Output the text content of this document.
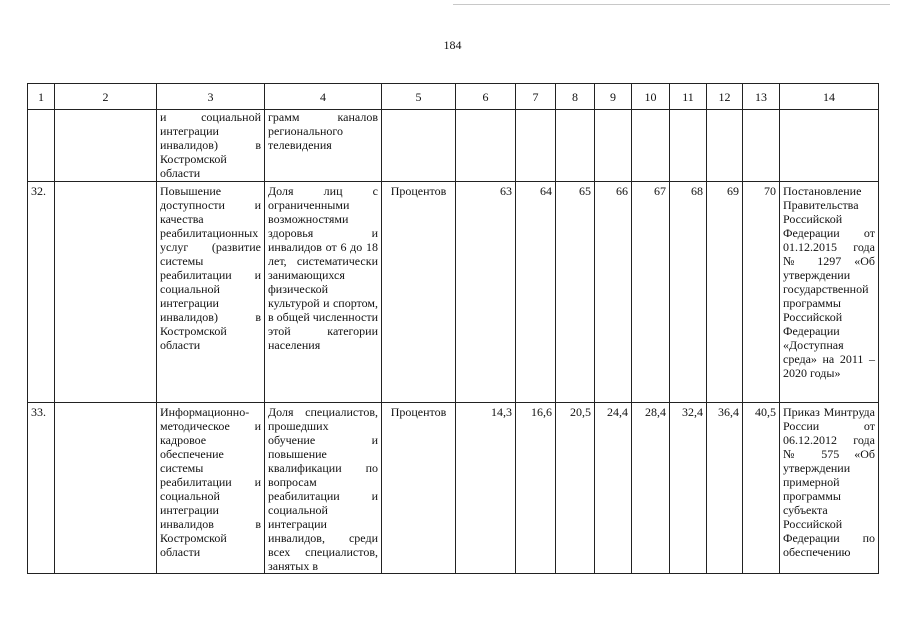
184
1	2	3	4	5	6	7	8	9	10	11	12	13	14
		и социальной интеграции инвалидов) в Костромской области	грамм каналов регионального телевидения										
32.		Повышение доступности и качества реабилитационных услуг (развитие системы реабилитации и социальной интеграции инвалидов) в Костромской области	Доля лиц с ограниченными возможностями здоровья и инвалидов от 6 до 18 лет, систематически занимающихся физической культурой и спортом, в общей численности этой категории населения	Процентов	63	64	65	66	67	68	69	70	Постановление Правительства Российской Федерации от 01.12.2015 года № 1297 «Об утверждении государственной программы Российской Федерации «Доступная среда» на 2011 – 2020 годы»
33.		Информационно-методическое и кадровое обеспечение системы реабилитации и социальной интеграции инвалидов в Костромской области	Доля специалистов, прошедших обучение и повышение квалификации по вопросам реабилитации и социальной интеграции инвалидов, среди всех специалистов, занятых в	Процентов	14,3	16,6	20,5	24,4	28,4	32,4	36,4	40,5	Приказ Минтруда России от 06.12.2012 года № 575 «Об утверждении примерной программы субъекта Российской Федерации по обеспечению
